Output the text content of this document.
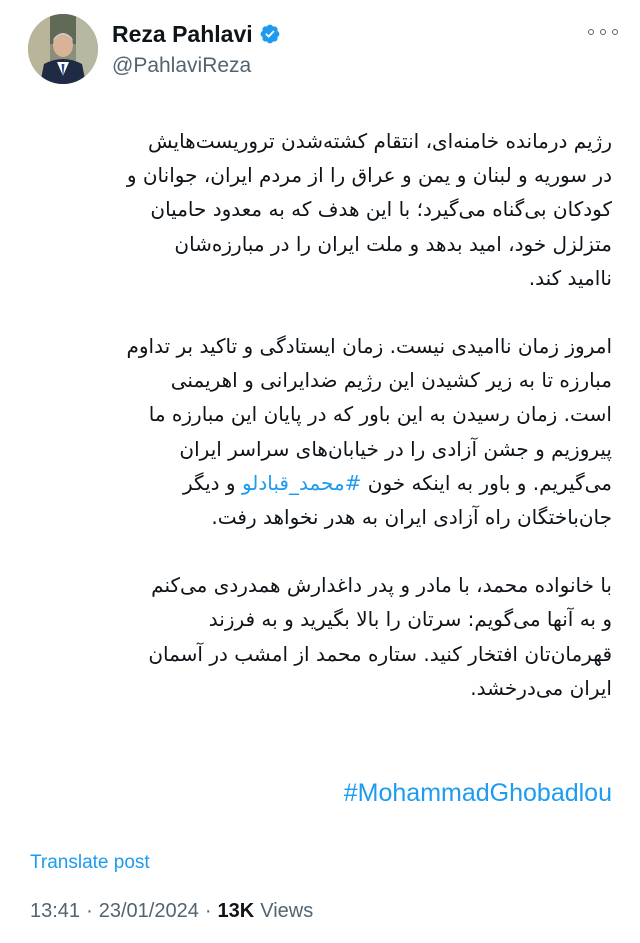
Reza Pahlavi
@PahlaviReza
رژیم درمانده خامنه‌ای، انتقام کشته‌شدن تروریست‌هایش
در سوریه و لبنان و یمن و عراق را از مردم ایران، جوانان و
کودکان بی‌گناه می‌گیرد؛ با این هدف که به معدود حامیان
متزلزل خود، امید بدهد و ملت ایران را در مبارزه‌شان
ناامید کند.
امروز زمان ناامیدی نیست. زمان ایستادگی و تاکید بر تداوم
مبارزه تا به زیر کشیدن این رژیم ضدایرانی و اهریمنی
است. زمان رسیدن به این باور که در پایان این مبارزه ما
پیروزیم و جشن آزادی را در خیابان‌های سراسر ایران
می‌گیریم. و باور به اینکه خون #محمد_قبادلو و دیگر
جان‌باختگان راه آزادی ایران به هدر نخواهد رفت.
با خانواده محمد، با مادر و پدر داغدارش همدردی می‌کنم
و به آنها می‌گویم: سرتان را بالا بگیرید و به فرزند
قهرمان‌تان افتخار کنید. ستاره محمد از امشب در آسمان
ایران می‌درخشد.
#MohammadGhobadlou
Translate post
13:41 · 23/01/2024 · 13K Views
